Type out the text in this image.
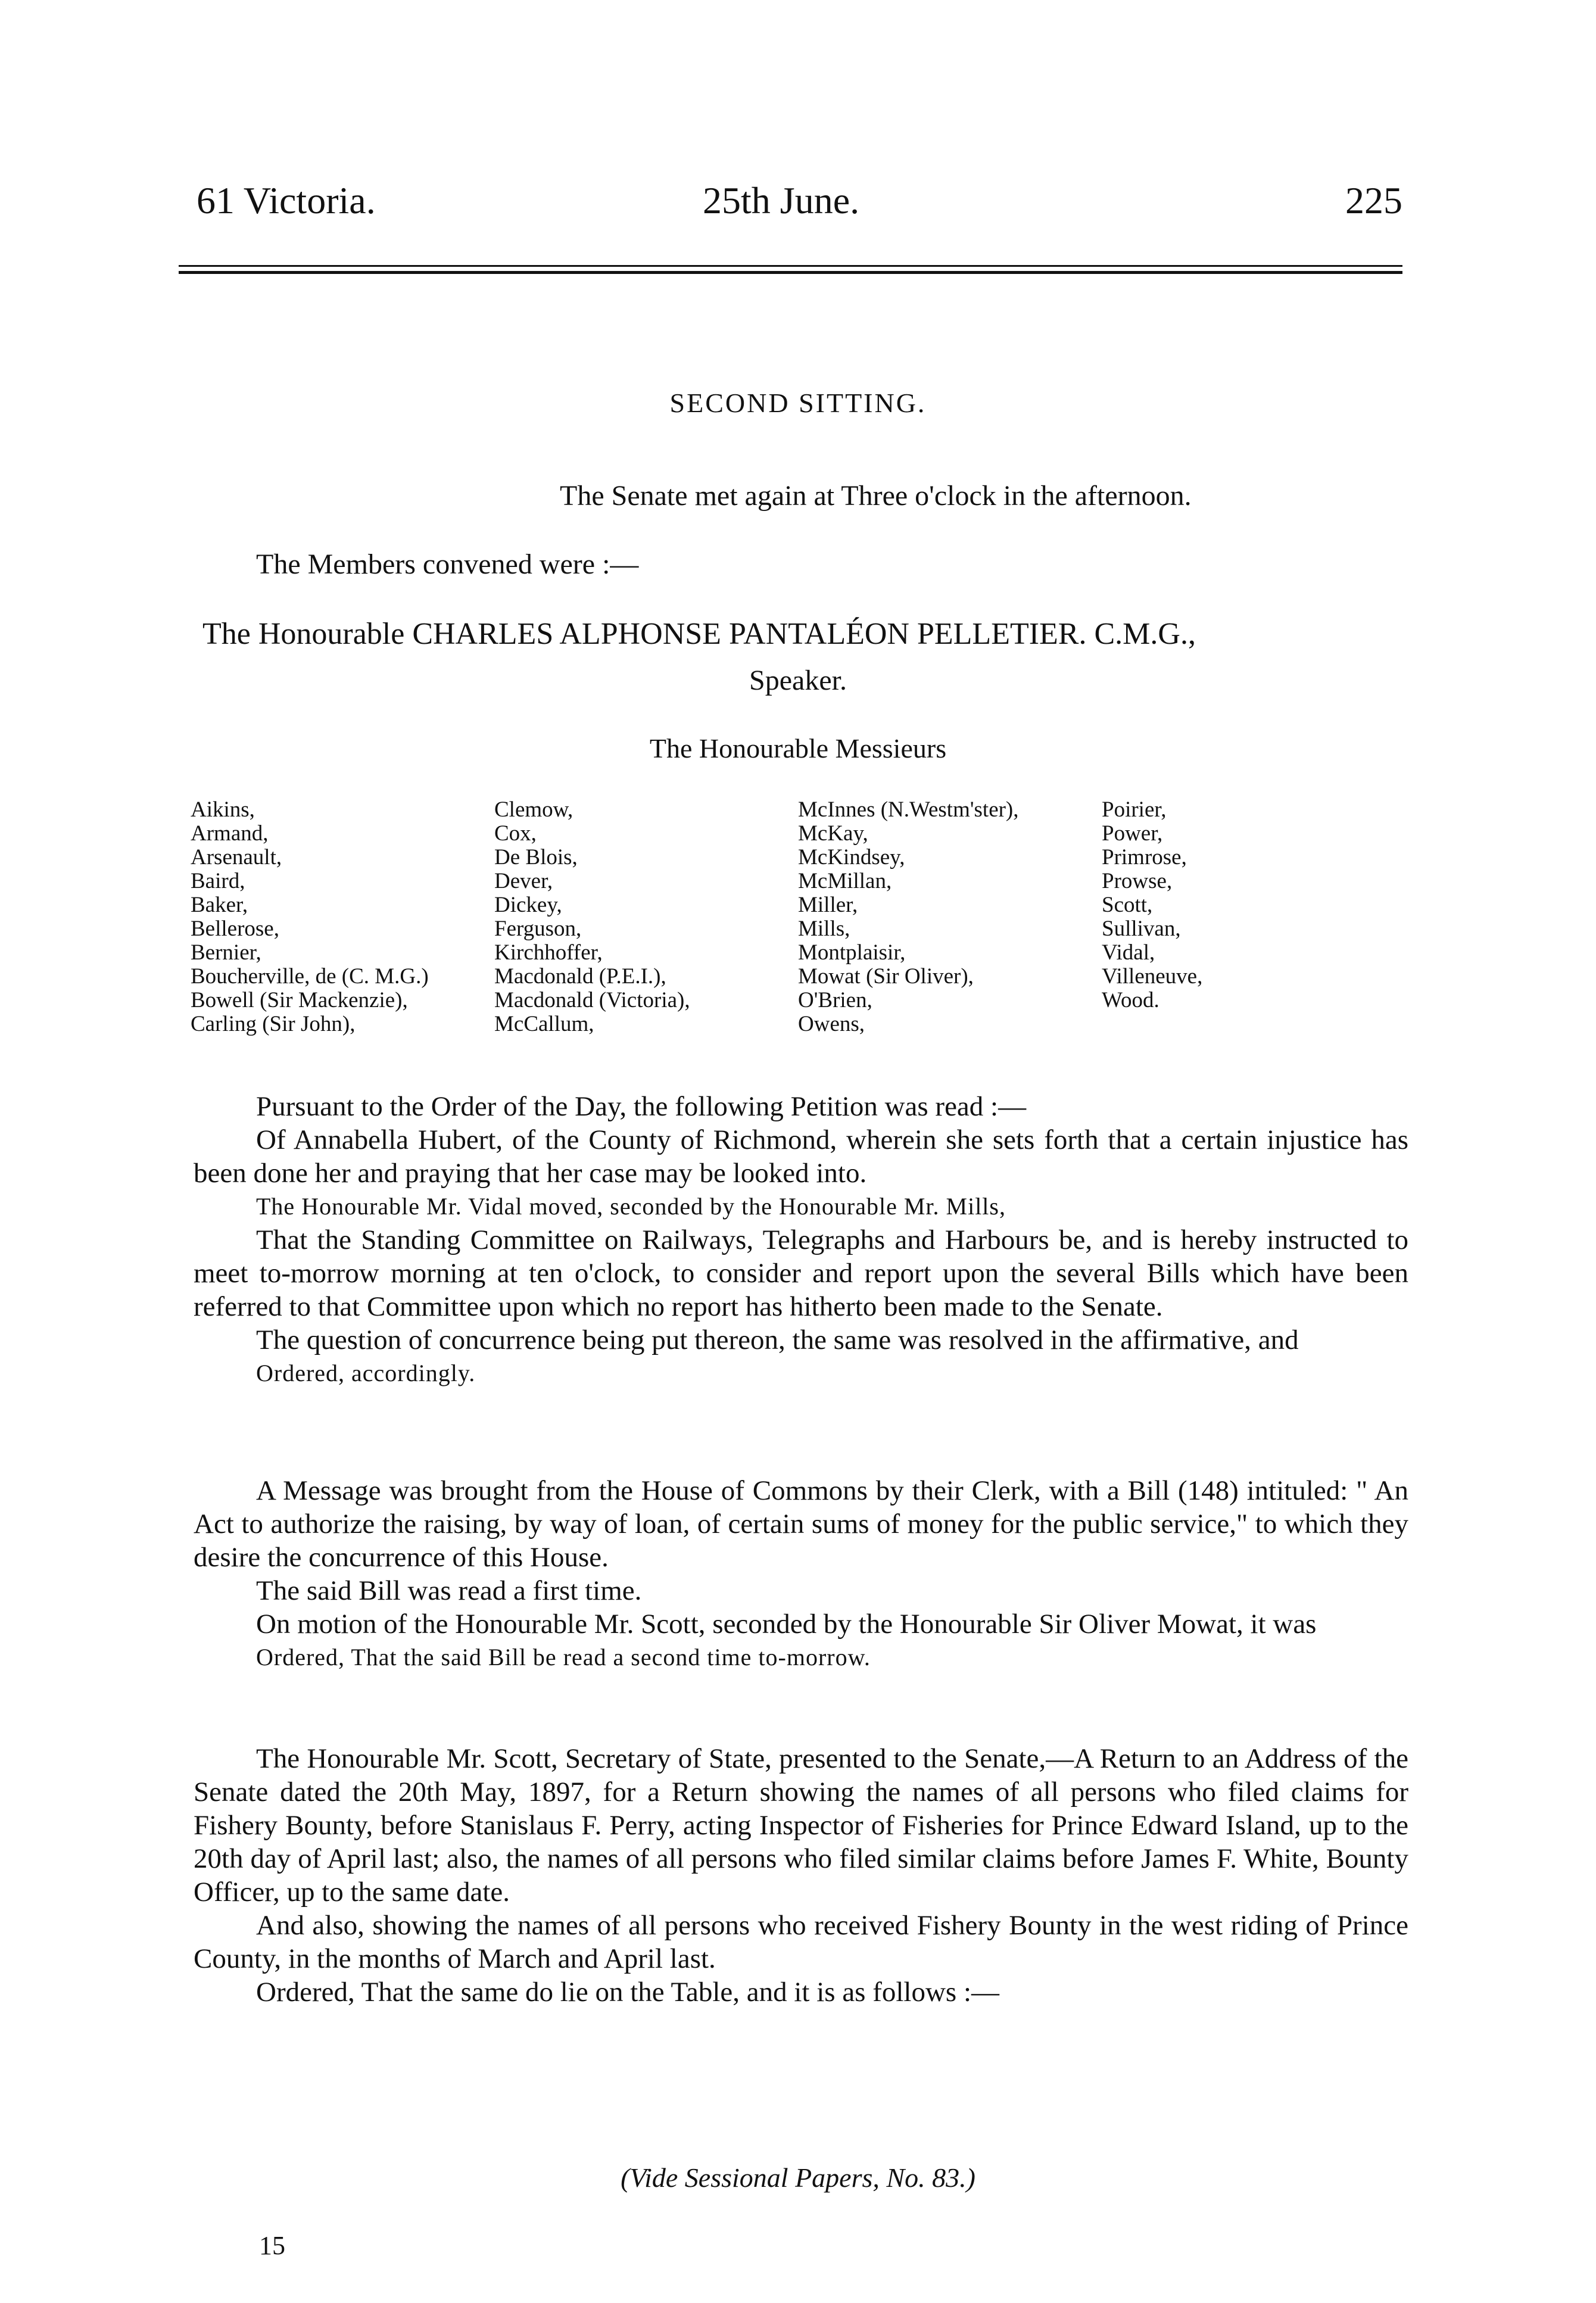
61 Victoria.	25th June.	225
SECOND SITTING.
The Senate met again at Three o'clock in the afternoon.
The Members convened were :—
The Honourable CHARLES ALPHONSE PANTALÉON PELLETIER. C.M.G.,
Speaker.
The Honourable Messieurs
Aikins,
Armand,
Arsenault,
Baird,
Baker,
Bellerose,
Bernier,
Boucherville, de (C. M.G.)
Bowell (Sir Mackenzie),
Carling (Sir John),
Clemow,
Cox,
De Blois,
Dever,
Dickey,
Ferguson,
Kirchhoffer,
Macdonald (P.E.I.),
Macdonald (Victoria),
McCallum,
McInnes (N.Westm'ster),
McKay,
McKindsey,
McMillan,
Miller,
Mills,
Montplaisir,
Mowat (Sir Oliver),
O'Brien,
Owens,
Poirier,
Power,
Primrose,
Prowse,
Scott,
Sullivan,
Vidal,
Villeneuve,
Wood.

Pursuant to the Order of the Day, the following Petition was read :—

Of Annabella Hubert, of the County of Richmond, wherein she sets forth that a certain injustice has been done her and praying that her case may be looked into.

The Honourable Mr. Vidal moved, seconded by the Honourable Mr. Mills,

That the Standing Committee on Railways, Telegraphs and Harbours be, and is hereby instructed to meet to-morrow morning at ten o'clock, to consider and report upon the several Bills which have been referred to that Committee upon which no report has hitherto been made to the Senate.

The question of concurrence being put thereon, the same was resolved in the affirmative, and

Ordered, accordingly.

A Message was brought from the House of Commons by their Clerk, with a Bill (148) intituled: " An Act to authorize the raising, by way of loan, of certain sums of money for the public service," to which they desire the concurrence of this House.

The said Bill was read a first time.

On motion of the Honourable Mr. Scott, seconded by the Honourable Sir Oliver Mowat, it was

Ordered, That the said Bill be read a second time to-morrow.

The Honourable Mr. Scott, Secretary of State, presented to the Senate,—A Return to an Address of the Senate dated the 20th May, 1897, for a Return showing the names of all persons who filed claims for Fishery Bounty, before Stanislaus F. Perry, acting Inspector of Fisheries for Prince Edward Island, up to the 20th day of April last; also, the names of all persons who filed similar claims before James F. White, Bounty Officer, up to the same date.

And also, showing the names of all persons who received Fishery Bounty in the west riding of Prince County, in the months of March and April last.

Ordered, That the same do lie on the Table, and it is as follows :—

(Vide Sessional Papers, No. 83.)
15
